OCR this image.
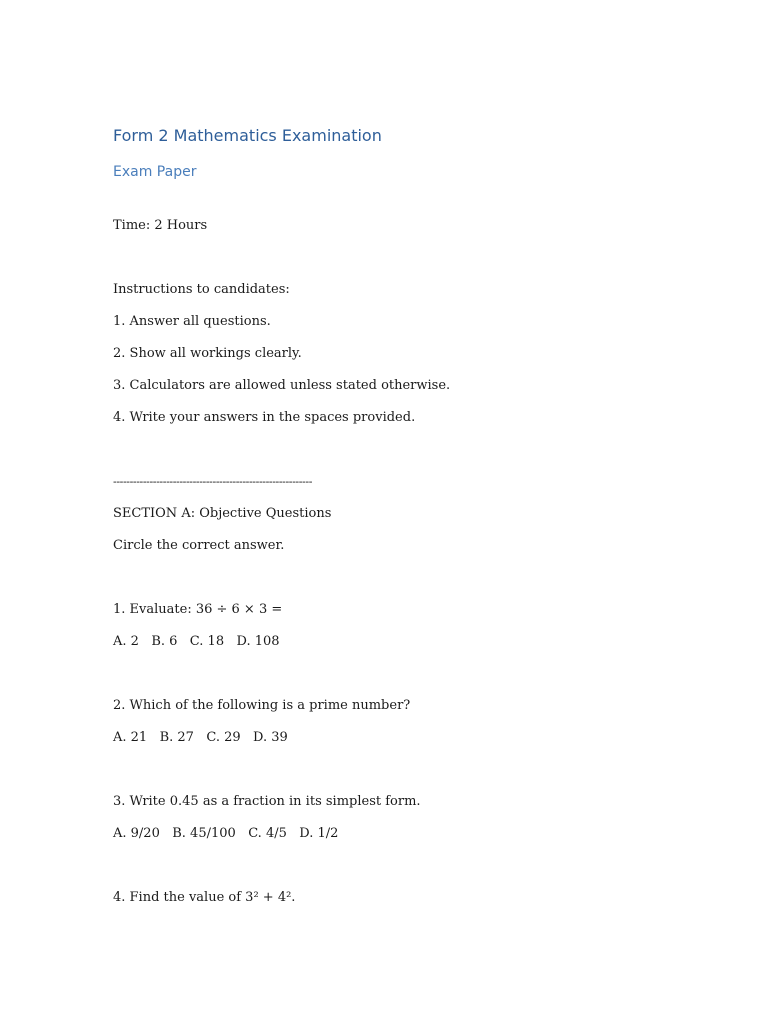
Form 2 Mathematics Examination
Exam Paper
Time: 2 Hours
Instructions to candidates:
1. Answer all questions.
2. Show all workings clearly.
3. Calculators are allowed unless stated otherwise.
4. Write your answers in the spaces provided.
------------------------------------------------------------
SECTION A: Objective Questions
Circle the correct answer.
1. Evaluate: 36 ÷ 6 × 3 =
A. 2   B. 6   C. 18   D. 108
2. Which of the following is a prime number?
A. 21   B. 27   C. 29   D. 39
3. Write 0.45 as a fraction in its simplest form.
A. 9/20   B. 45/100   C. 4/5   D. 1/2
4. Find the value of 3² + 4².
